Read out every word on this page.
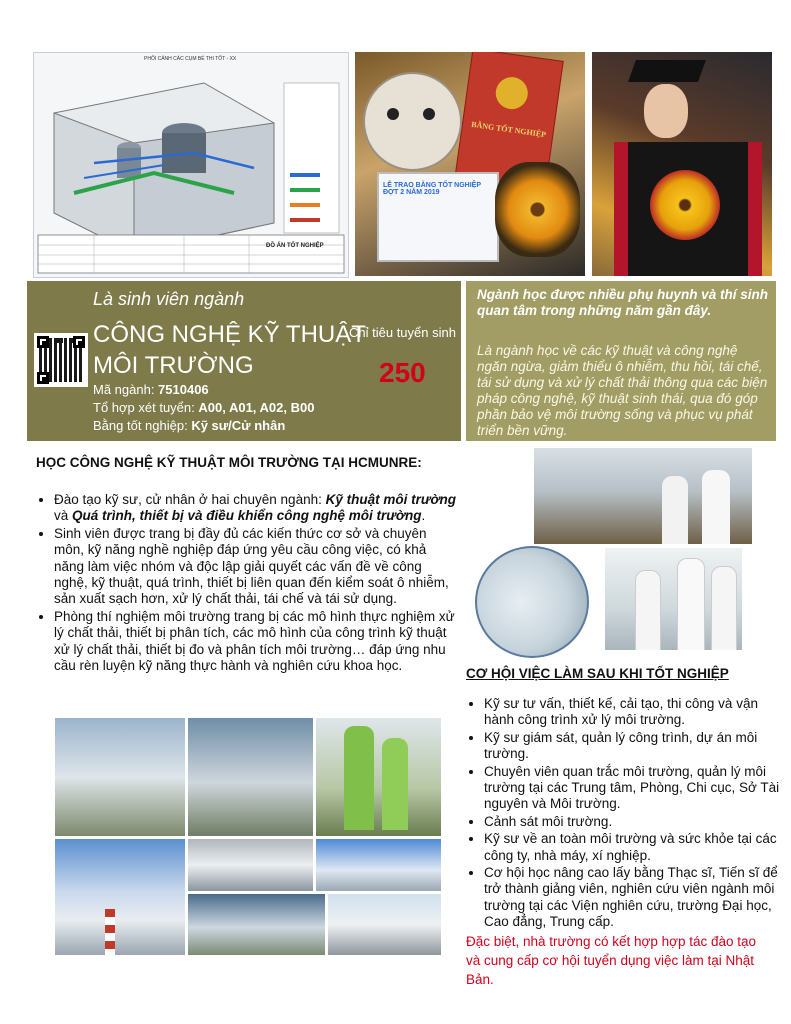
PHỐI CẢNH CÁC CỤM BỂ THI TỐT - XX
ĐỒ ÁN TỐT NGHIỆP
BẰNG TỐT NGHIỆP
LỄ TRAO BẰNG TỐT NGHIỆP ĐỢT 2 NĂM 2019
Là sinh viên ngành
CÔNG NGHỆ KỸ THUẬT
MÔI TRƯỜNG
Chỉ tiêu tuyển sinh
250
Mã ngành: 7510406
Tổ hợp xét tuyển: A00, A01, A02, B00
Bằng tốt nghiệp: Kỹ sư/Cử nhân
Ngành học được nhiều phụ huynh và thí sinh quan tâm trong những năm gần đây.
Là ngành học về các kỹ thuật và công nghệ ngăn ngừa, giảm thiểu ô nhiễm, thu hồi, tái chế, tái sử dụng và xử lý chất thải thông qua các biện pháp công nghệ, kỹ thuật sinh thái, qua đó góp phần bảo vệ môi trường sống và phục vụ phát triển bền vững.
HỌC CÔNG NGHỆ KỸ THUẬT MÔI TRƯỜNG TẠI HCMUNRE:
• Đào tạo kỹ sư, cử nhân ở hai chuyên ngành: Kỹ thuật môi trường và Quá trình, thiết bị và điều khiển công nghệ môi trường.
• Sinh viên được trang bị đầy đủ các kiến thức cơ sở và chuyên môn, kỹ năng nghề nghiệp đáp ứng yêu cầu công việc, có khả năng làm việc nhóm và độc lập giải quyết các vấn đề về công nghệ, kỹ thuật, quá trình, thiết bị liên quan đến kiểm soát ô nhiễm, sản xuất sạch hơn, xử lý chất thải, tái chế và tái sử dụng.
• Phòng thí nghiệm môi trường trang bị các mô hình thực nghiệm xử lý chất thải, thiết bị phân tích, các mô hình của công trình kỹ thuật xử lý chất thải, thiết bị đo và phân tích môi trường… đáp ứng nhu cầu rèn luyện kỹ năng thực hành và nghiên cứu khoa học.
CƠ HỘI VIỆC LÀM SAU KHI TỐT NGHIỆP
• Kỹ sư tư vấn, thiết kế, cải tạo, thi công và vận hành công trình xử lý môi trường.
• Kỹ sư giám sát, quản lý công trình, dự án môi trường.
• Chuyên viên quan trắc môi trường, quản lý môi trường tại các Trung tâm, Phòng, Chi cục, Sở Tài nguyên và Môi trường.
• Cảnh sát môi trường.
• Kỹ sư về an toàn môi trường và sức khỏe tại các công ty, nhà máy, xí nghiệp.
• Cơ hội học nâng cao lấy bằng Thạc sĩ, Tiến sĩ để trở thành giảng viên, nghiên cứu viên ngành môi trường tại các Viện nghiên cứu, trường Đại học, Cao đẳng, Trung cấp.
Đặc biệt, nhà trường có kết hợp hợp tác đào tạo và cung cấp cơ hội tuyển dụng việc làm tại Nhật Bản.
